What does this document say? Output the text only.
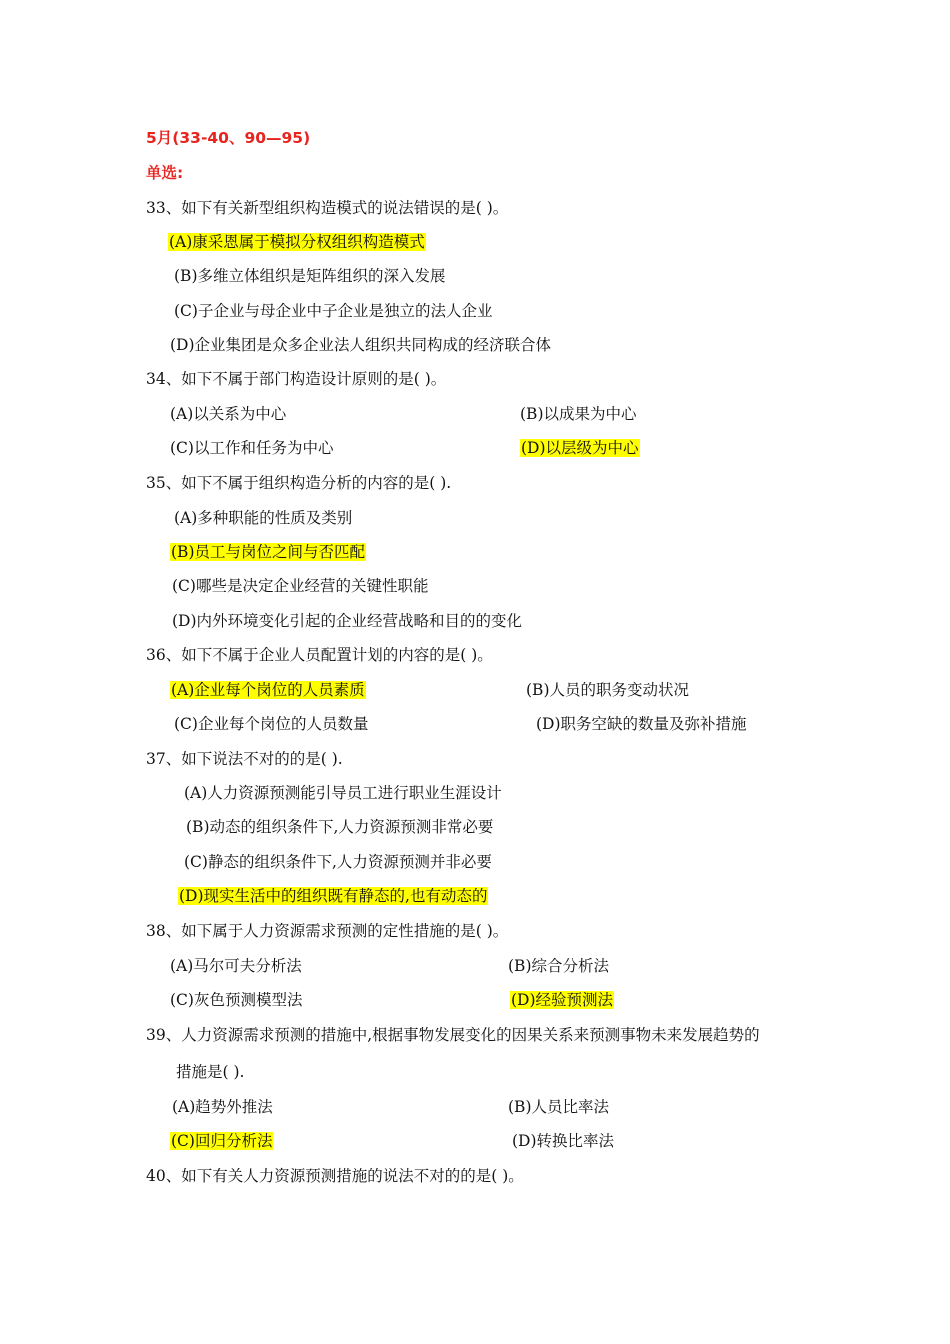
5月(33-40、90—95)
单选:
33、如下有关新型组织构造模式的说法错误的是( )。
(A)康采恩属于模拟分权组织构造模式
(B)多维立体组织是矩阵组织的深入发展
(C)子企业与母企业中子企业是独立的法人企业
(D)企业集团是众多企业法人组织共同构成的经济联合体
34、如下不属于部门构造设计原则的是( )。
(A)以关系为中心	(B)以成果为中心
(C)以工作和任务为中心	(D)以层级为中心
35、如下不属于组织构造分析的内容的是( ).
(A)多种职能的性质及类别
(B)员工与岗位之间与否匹配
(C)哪些是决定企业经营的关键性职能
(D)内外环境变化引起的企业经营战略和目的的变化
36、如下不属于企业人员配置计划的内容的是( )。
(A)企业每个岗位的人员素质	(B)人员的职务变动状况
(C)企业每个岗位的人员数量	(D)职务空缺的数量及弥补措施
37、如下说法不对的的是( ).
(A)人力资源预测能引导员工进行职业生涯设计
(B)动态的组织条件下,人力资源预测非常必要
(C)静态的组织条件下,人力资源预测并非必要
(D)现实生活中的组织既有静态的,也有动态的
38、如下属于人力资源需求预测的定性措施的是( )。
(A)马尔可夫分析法	(B)综合分析法
(C)灰色预测模型法	(D)经验预测法
39、人力资源需求预测的措施中,根据事物发展变化的因果关系来预测事物未来发展趋势的
措施是( ).
(A)趋势外推法	(B)人员比率法
(C)回归分析法	(D)转换比率法
40、如下有关人力资源预测措施的说法不对的的是( )。
